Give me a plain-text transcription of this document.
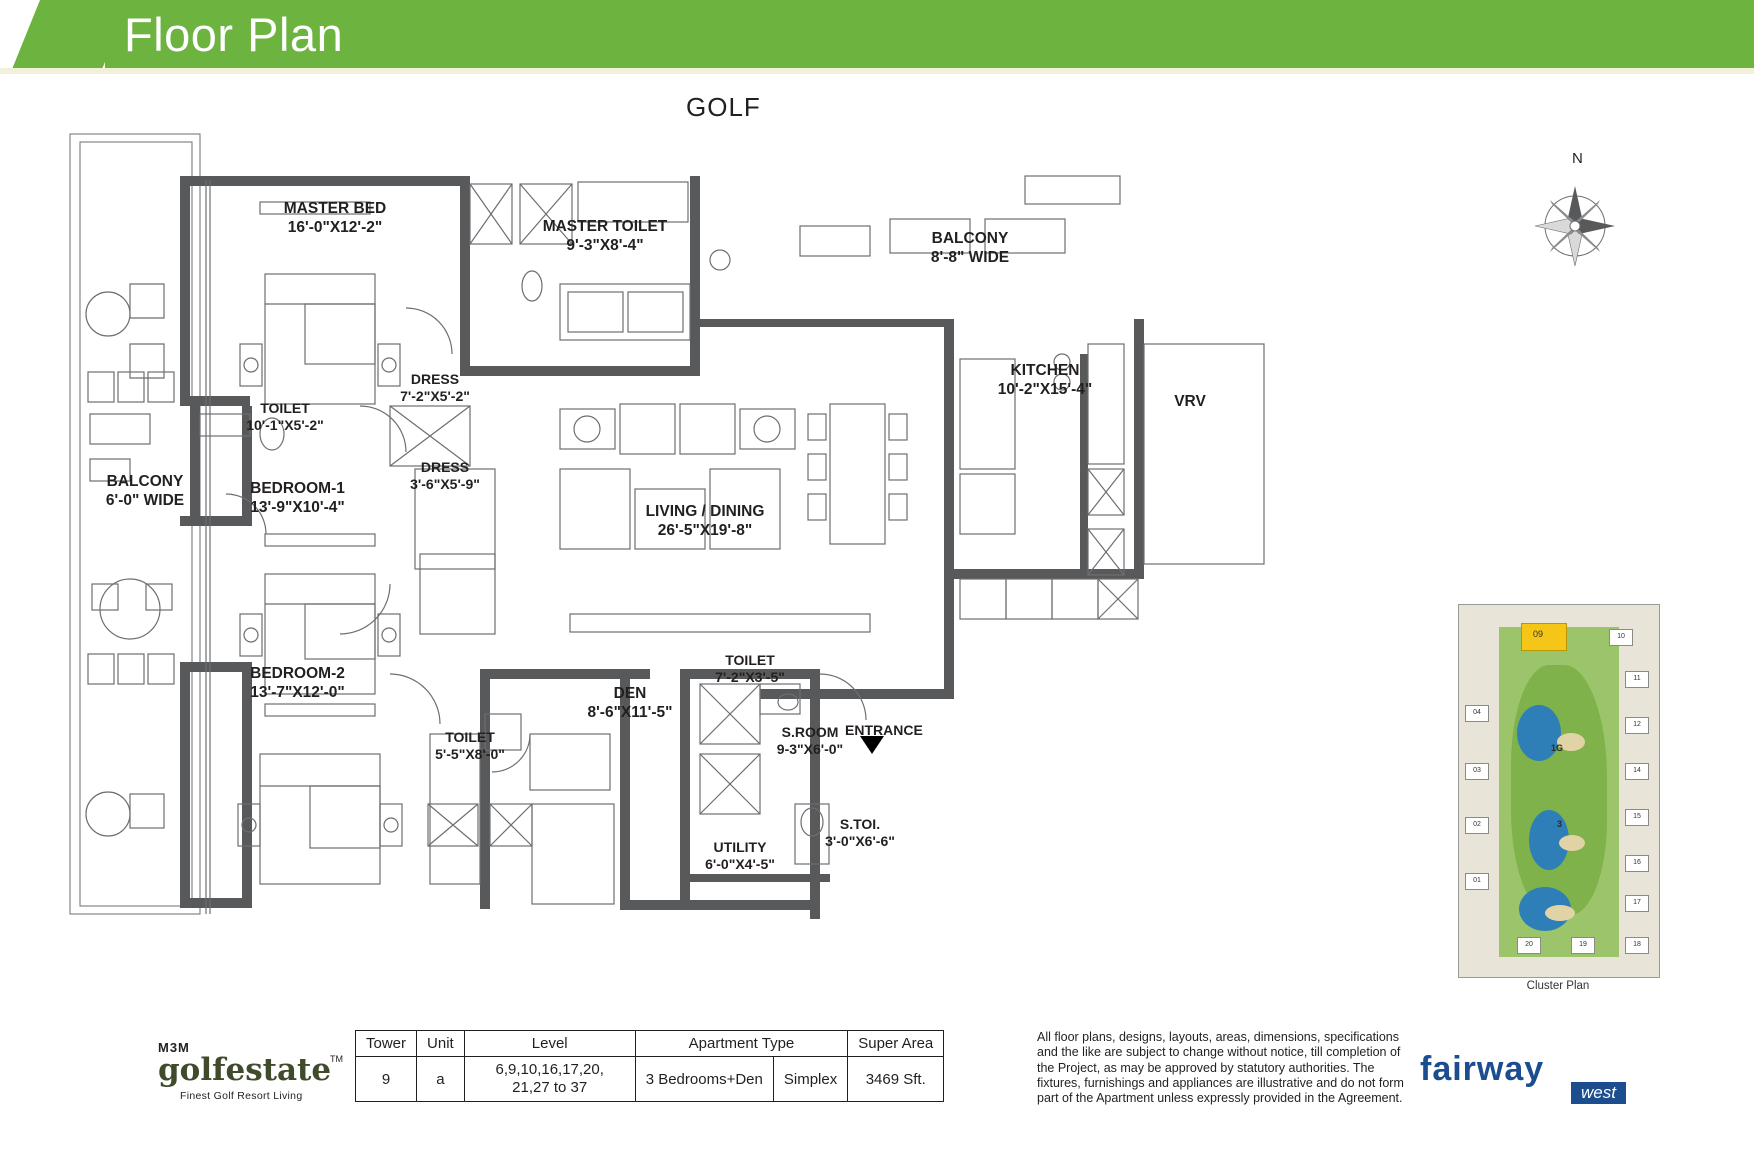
Floor Plan
GOLF
MASTER BED
16'-0"X12'-2"	MASTER TOILET
9'-3"X8'-4"	BALCONY
8'-8" WIDE
KITCHEN
10'-2"X15'-4"
VRV
DRESS
7'-2"X5'-2"
TOILET
10'-1"X5'-2"
DRESS
3'-6"X5'-9"
BEDROOM-1
13'-9"X10'-4"	LIVING / DINING
26'-5"X19'-8"
BALCONY
6'-0" WIDE
BEDROOM-2
13'-7"X12'-0"
TOILET
5'-5"X8'-0"
DEN
8'-6"X11'-5"
TOILET
7'-2"X3'-5"
S.ROOM
9-3"X6'-0"
S.TOI.
3'-0"X6'-6"
UTILITY
6'-0"X4'-5"
ENTRANCE
N
09	10
11
12
14
15
16
17
18
19
20
01
02
03
04
1G
3
Cluster Plan
M3M
golfestate
TM
Finest Golf Resort Living
Tower	Unit	Level	Apartment Type		Super Area
9	a	6,9,10,16,17,20, 21,27 to 37	3 Bedrooms+Den	Simplex	3469 Sft.
All floor plans, designs, layouts, areas, dimensions, specifications and the like are subject to change without notice, till completion of the Project, as may be approved by statutory authorities. The fixtures, furnishings and appliances are illustrative and do not form part of the Apartment unless expressly provided in the Agreement.
fairway
west
